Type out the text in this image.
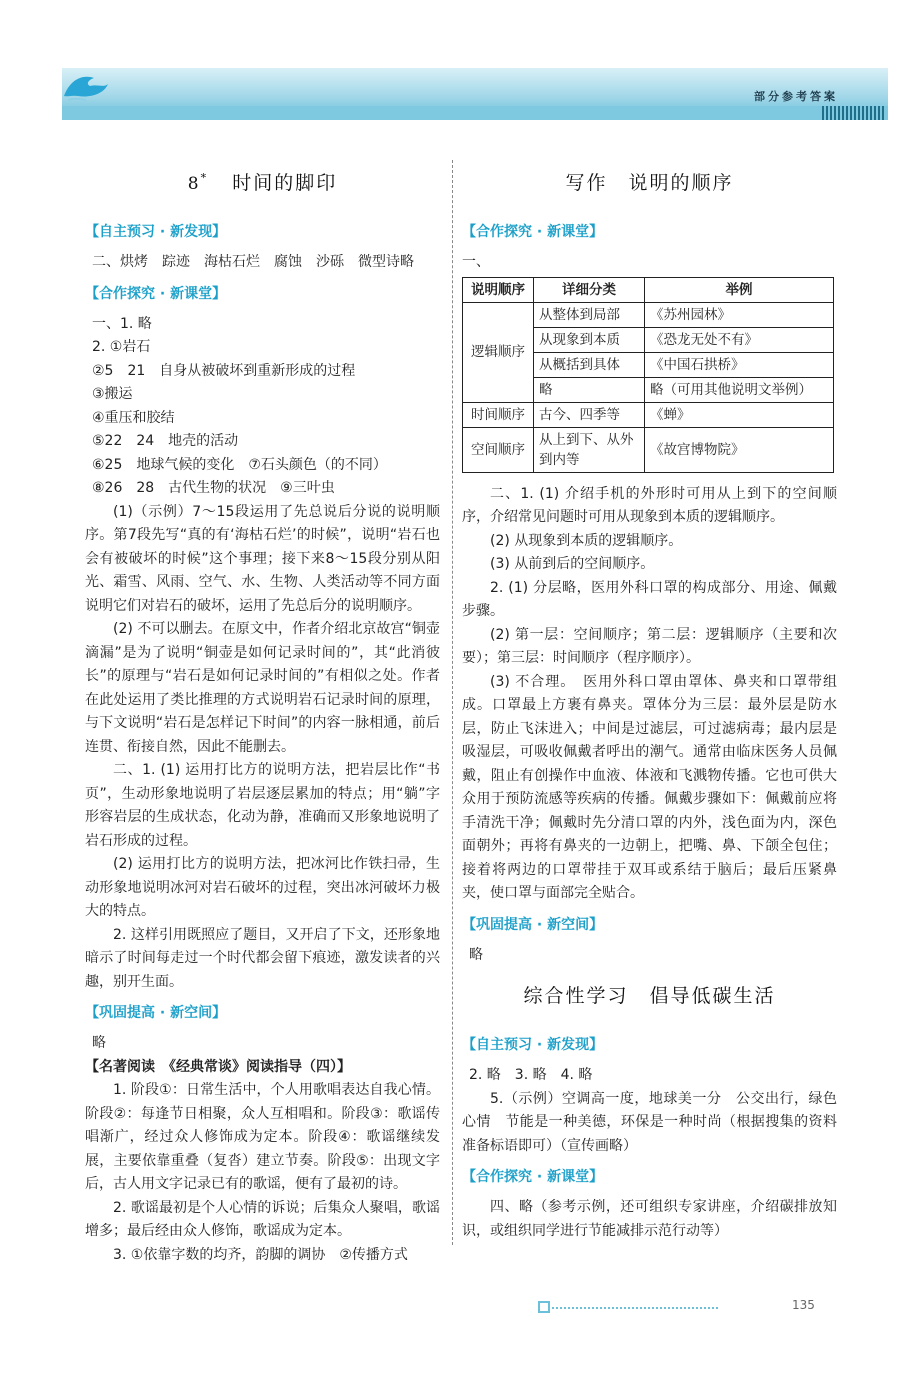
部分参考答案
8* 时间的脚印
【自主预习 · 新发现】

二、烘烤　踪迹　海枯石烂　腐蚀　沙砾　微型诗略

【合作探究 · 新课堂】

一、1. 略

2. ①岩石

②5　21　自身从被破坏到重新形成的过程

③搬运

④重压和胶结

⑤22　24　地壳的活动

⑥25　地球气候的变化　⑦石头颜色（的不同）

⑧26　28　古代生物的状况　⑨三叶虫

(1)（示例）7～15段运用了先总说后分说的说明顺序。第7段先写“真的有‘海枯石烂’的时候”，说明“岩石也会有被破坏的时候”这个事理；接下来8～15段分别从阳光、霜雪、风雨、空气、水、生物、人类活动等不同方面说明它们对岩石的破坏，运用了先总后分的说明顺序。

(2) 不可以删去。在原文中，作者介绍北京故宫“铜壶滴漏”是为了说明“铜壶是如何记录时间的”，其“此消彼长”的原理与“岩石是如何记录时间的”有相似之处。作者在此处运用了类比推理的方式说明岩石记录时间的原理，与下文说明“岩石是怎样记下时间”的内容一脉相通，前后连贯、衔接自然，因此不能删去。

二、1. (1) 运用打比方的说明方法，把岩层比作“书页”，生动形象地说明了岩层逐层累加的特点；用“躺”字形容岩层的生成状态，化动为静，准确而又形象地说明了岩石形成的过程。

(2) 运用打比方的说明方法，把冰河比作铁扫帚，生动形象地说明冰河对岩石破坏的过程，突出冰河破坏力极大的特点。

2. 这样引用既照应了题目，又开启了下文，还形象地暗示了时间每走过一个时代都会留下痕迹，激发读者的兴趣，别开生面。

【巩固提高 · 新空间】

略

【名著阅读　《经典常谈》阅读指导（四）】

1. 阶段①：日常生活中，个人用歌唱表达自我心情。阶段②：每逢节日相聚，众人互相唱和。阶段③：歌谣传唱渐广，经过众人修饰成为定本。阶段④：歌谣继续发展，主要依靠重叠（复沓）建立节奏。阶段⑤：出现文字后，古人用文字记录已有的歌谣，便有了最初的诗。

2. 歌谣最初是个人心情的诉说；后集众人聚唱，歌谣增多；最后经由众人修饰，歌谣成为定本。

3. ①依靠字数的均齐，韵脚的调协　②传播方式

写作　说明的顺序
【合作探究 · 新课堂】

一、

说明顺序	详细分类	举例
逻辑顺序	从整体到局部	《苏州园林》
	从现象到本质	《恐龙无处不有》
	从概括到具体	《中国石拱桥》
	略	略（可用其他说明文举例）
时间顺序	古今、四季等	《蝉》
空间顺序	从上到下、从外到内等	《故宫博物院》

二、1. (1) 介绍手机的外形时可用从上到下的空间顺序，介绍常见问题时可用从现象到本质的逻辑顺序。

(2) 从现象到本质的逻辑顺序。

(3) 从前到后的空间顺序。

2. (1) 分层略，医用外科口罩的构成部分、用途、佩戴步骤。

(2) 第一层：空间顺序；第二层：逻辑顺序（主要和次要）；第三层：时间顺序（程序顺序）。

(3) 不合理。　医用外科口罩由罩体、鼻夹和口罩带组成。口罩最上方裹有鼻夹。罩体分为三层：最外层是防水层，防止飞沫进入；中间是过滤层，可过滤病毒；最内层是吸湿层，可吸收佩戴者呼出的潮气。通常由临床医务人员佩戴，阻止有创操作中血液、体液和飞溅物传播。它也可供大众用于预防流感等疾病的传播。佩戴步骤如下：佩戴前应将手清洗干净；佩戴时先分清口罩的内外，浅色面为内，深色面朝外；再将有鼻夹的一边朝上，把嘴、鼻、下颌全包住；接着将两边的口罩带挂于双耳或系结于脑后；最后压紧鼻夹，使口罩与面部完全贴合。

【巩固提高 · 新空间】

略

综合性学习　倡导低碳生活
【自主预习 · 新发现】

2. 略　3. 略　4. 略

5.（示例）空调高一度，地球美一分　公交出行，绿色心情　节能是一种美德，环保是一种时尚（根据搜集的资料准备标语即可）（宣传画略）

【合作探究 · 新课堂】

四、略（参考示例，还可组织专家讲座，介绍碳排放知识，或组织同学进行节能减排示范行动等）

135
